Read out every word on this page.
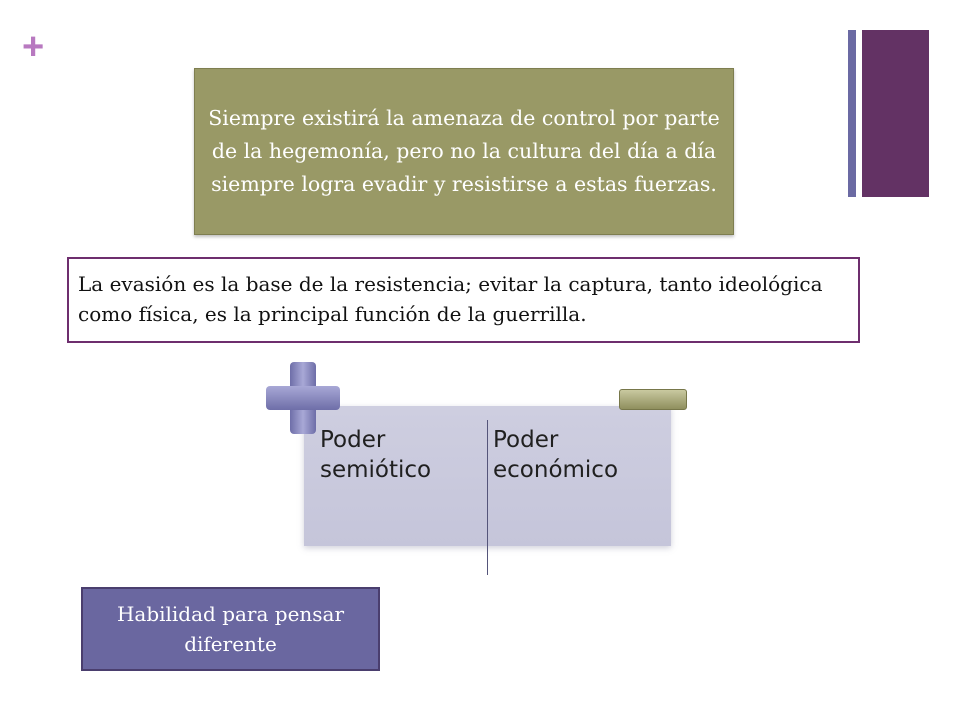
+
Siempre existirá la amenaza de control por parte de la hegemonía, pero no la cultura del día a día siempre logra evadir y resistirse a estas fuerzas.
La evasión es la base de la resistencia; evitar la captura, tanto ideológica como física, es la principal función de la guerrilla.
Poder semiótico
Poder económico
Habilidad para pensar diferente
